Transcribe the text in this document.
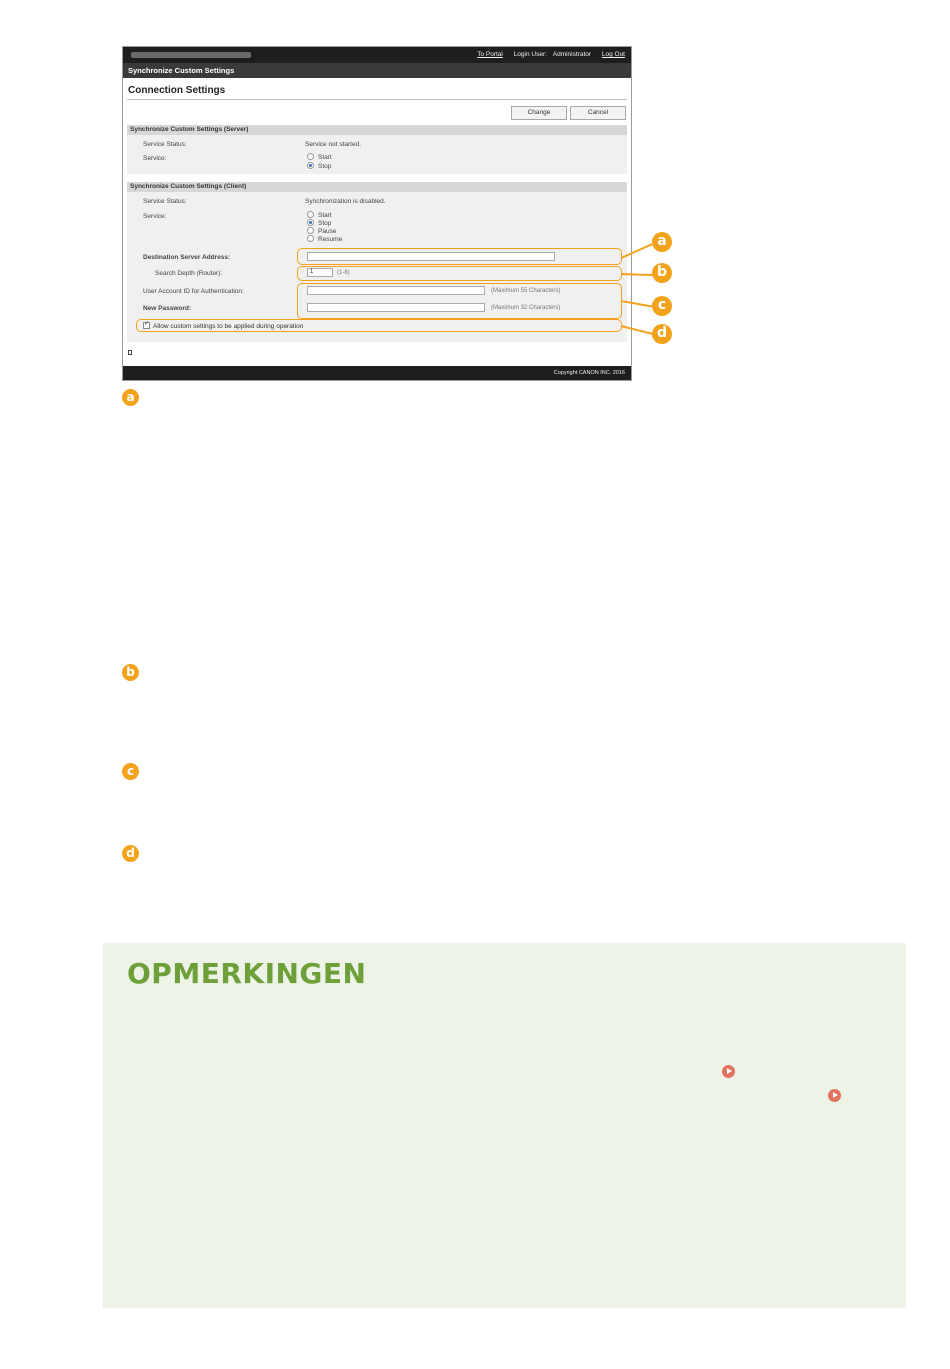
To Portal Login User: Administrator Log Out
Synchronize Custom Settings
Connection Settings
Change	Cancel
Synchronize Custom Settings (Server)
Service Status:	Service not started.
Service:	Start
Stop
Synchronize Custom Settings (Client)
Service Status:	Synchronization is disabled.
Service:	Start
Stop
Pause
Resume
Destination Server Address:
Search Depth (Router):	1	(1-8)
User Account ID for Authentication:	(Maximum 55 Characters)
New Password:	(Maximum 32 Characters)
✓Allow custom settings to be applied during operation
Copyright CANON INC. 2016
a
b
c
d
a
b
c
d
OPMERKINGEN
